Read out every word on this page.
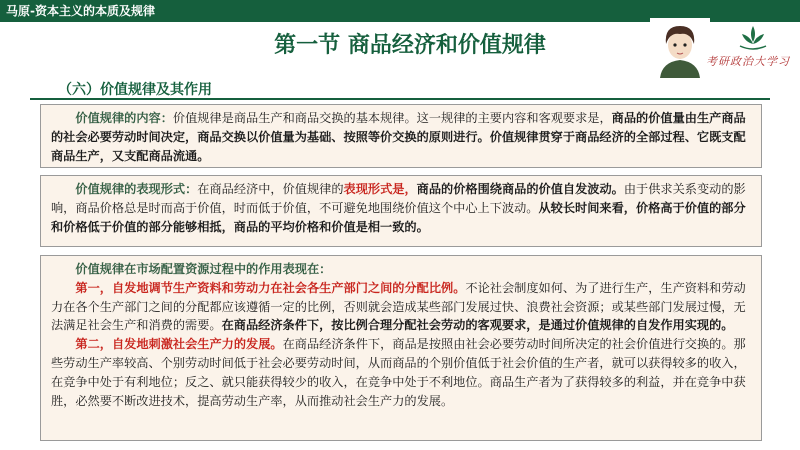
马原-资本主义的本质及规律
第一节 商品经济和价值规律
考研政治大学习
（六）价值规律及其作用

价值规律的内容：价值规律是商品生产和商品交换的基本规律。这一规律的主要内容和客观要求是，商品的价值量由生产商品的社会必要劳动时间决定，商品交换以价值量为基础、按照等价交换的原则进行。价值规律贯穿于商品经济的全部过程、它既支配商品生产，又支配商品流通。

价值规律的表现形式：在商品经济中，价值规律的表现形式是，商品的价格围绕商品的价值自发波动。由于供求关系变动的影响，商品价格总是时而高于价值，时而低于价值，不可避免地围绕价值这个中心上下波动。从较长时间来看，价格高于价值的部分和价格低于价值的部分能够相抵，商品的平均价格和价值是相一致的。

价值规律在市场配置资源过程中的作用表现在：

第一，自发地调节生产资料和劳动力在社会各生产部门之间的分配比例。不论社会制度如何、为了进行生产，生产资料和劳动力在各个生产部门之间的分配都应该遵循一定的比例，否则就会造成某些部门发展过快、浪费社会资源；或某些部门发展过慢，无法满足社会生产和消费的需要。在商品经济条件下，按比例合理分配社会劳动的客观要求，是通过价值规律的自发作用实现的。

第二，自发地刺激社会生产力的发展。在商品经济条件下，商品是按照由社会必要劳动时间所决定的社会价值进行交换的。那些劳动生产率较高、个别劳动时间低于社会必要劳动时间，从而商品的个别价值低于社会价值的生产者，就可以获得较多的收入，在竞争中处于有利地位；反之、就只能获得较少的收入，在竞争中处于不利地位。商品生产者为了获得较多的利益，并在竞争中获胜，必然要不断改进技术，提高劳动生产率，从而推动社会生产力的发展。
